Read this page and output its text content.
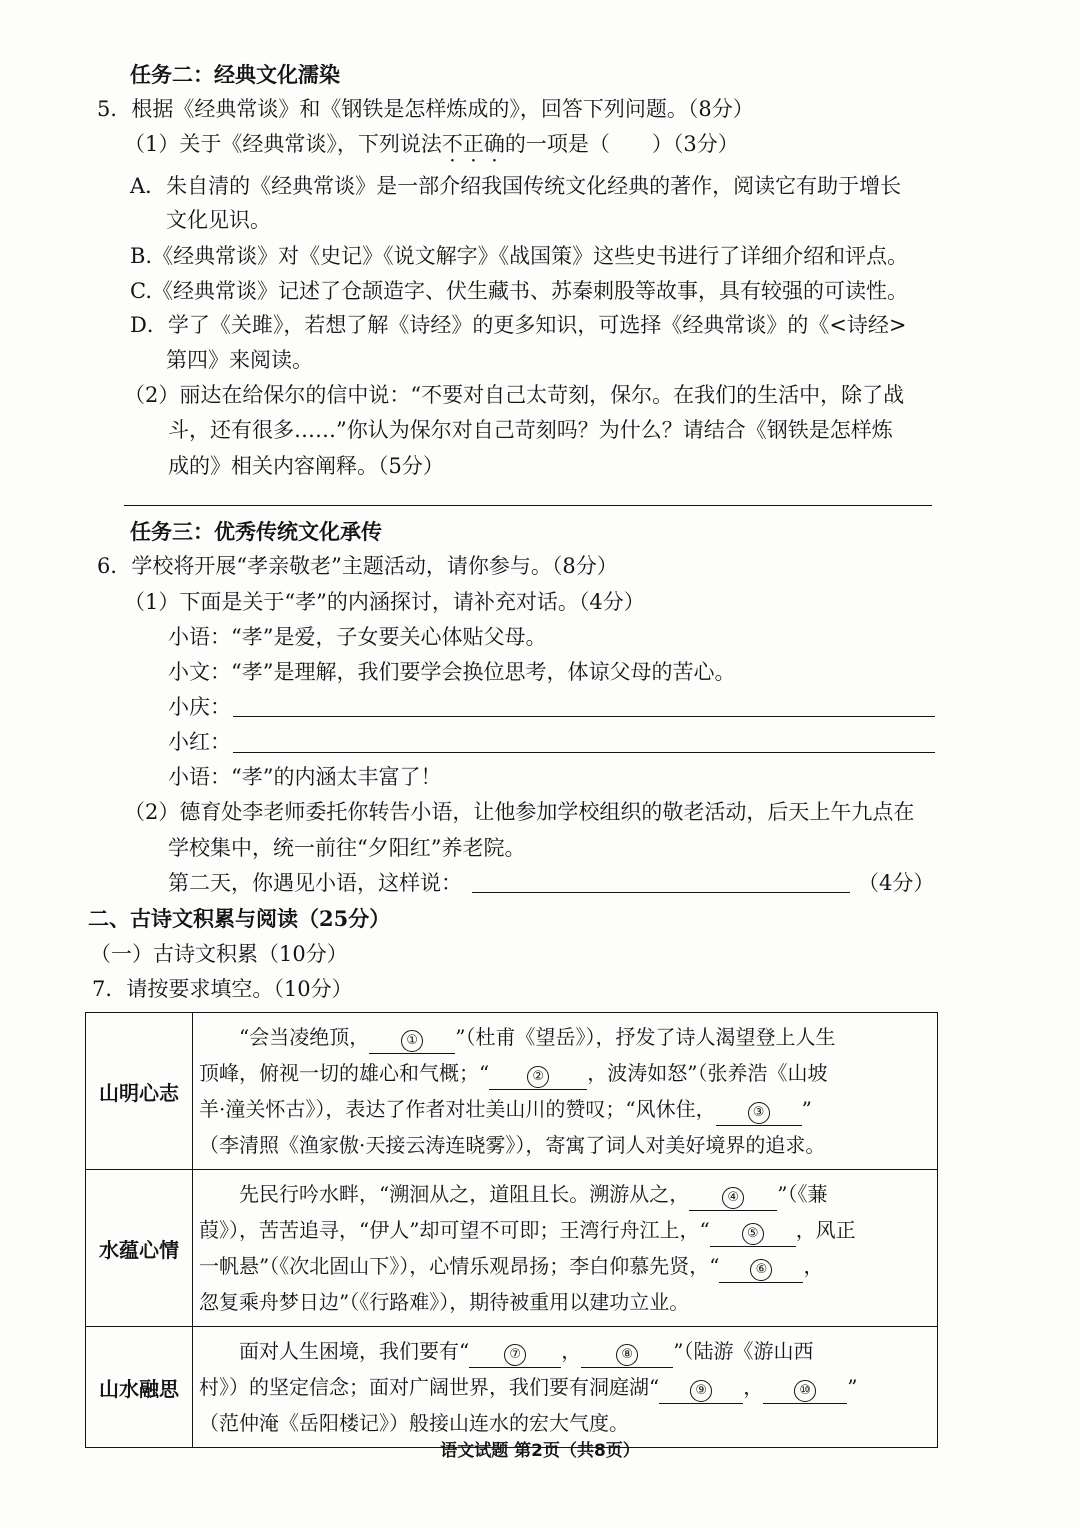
任务二：经典文化濡染
5．根据《经典常谈》和《钢铁是怎样炼成的》，回答下列问题。（8分）
（1）关于《经典常谈》，下列说法不正确的一项是（　　）（3分）
A．朱自清的《经典常谈》是一部介绍我国传统文化经典的著作，阅读它有助于增长
文化见识。
B.《经典常谈》对《史记》《说文解字》《战国策》这些史书进行了详细介绍和评点。
C.《经典常谈》记述了仓颉造字、伏生藏书、苏秦刺股等故事，具有较强的可读性。
D．学了《关雎》，若想了解《诗经》的更多知识，可选择《经典常谈》的《<诗经>
第四》来阅读。
（2）丽达在给保尔的信中说：“不要对自己太苛刻，保尔。在我们的生活中，除了战
斗，还有很多……”你认为保尔对自己苛刻吗？为什么？请结合《钢铁是怎样炼
成的》相关内容阐释。（5分）
任务三：优秀传统文化承传
6．学校将开展“孝亲敬老”主题活动，请你参与。（8分）
（1）下面是关于“孝”的内涵探讨，请补充对话。（4分）
小语：“孝”是爱，子女要关心体贴父母。
小文：“孝”是理解，我们要学会换位思考，体谅父母的苦心。
小庆：
小红：
小语：“孝”的内涵太丰富了！
（2）德育处李老师委托你转告小语，让他参加学校组织的敬老活动，后天上午九点在
学校集中，统一前往“夕阳红”养老院。
第二天，你遇见小语，这样说：	（4分）
二、古诗文积累与阅读（25分）
（一）古诗文积累（10分）
7．请按要求填空。（10分）
山明心志	　　“会当凌绝顶， ① ”（杜甫《望岳》），抒发了诗人渴望登上人生
顶峰，俯视一切的雄心和气概；“ ② ，波涛如怒”（张养浩《山坡
羊·潼关怀古》），表达了作者对壮美山川的赞叹；“风休住， ③ ”
（李清照《渔家傲·天接云涛连晓雾》），寄寓了词人对美好境界的追求。

水蕴心情	　　先民行吟水畔，“溯洄从之，道阻且长。溯游从之， ④ ”（《蒹
葭》），苦苦追寻，“伊人”却可望不可即；王湾行舟江上，“ ⑤ ，风正
一帆悬”（《次北固山下》），心情乐观昂扬；李白仰慕先贤，“ ⑥ ，
忽复乘舟梦日边”（《行路难》），期待被重用以建功立业。

山水融思	　　面对人生困境，我们要有“ ⑦ ， ⑧ ”（陆游《游山西
村》）的坚定信念；面对广阔世界，我们要有洞庭湖“ ⑨ ， ⑩ ”
（范仲淹《岳阳楼记》）般接山连水的宏大气度。
语文试题 第2页（共8页）
